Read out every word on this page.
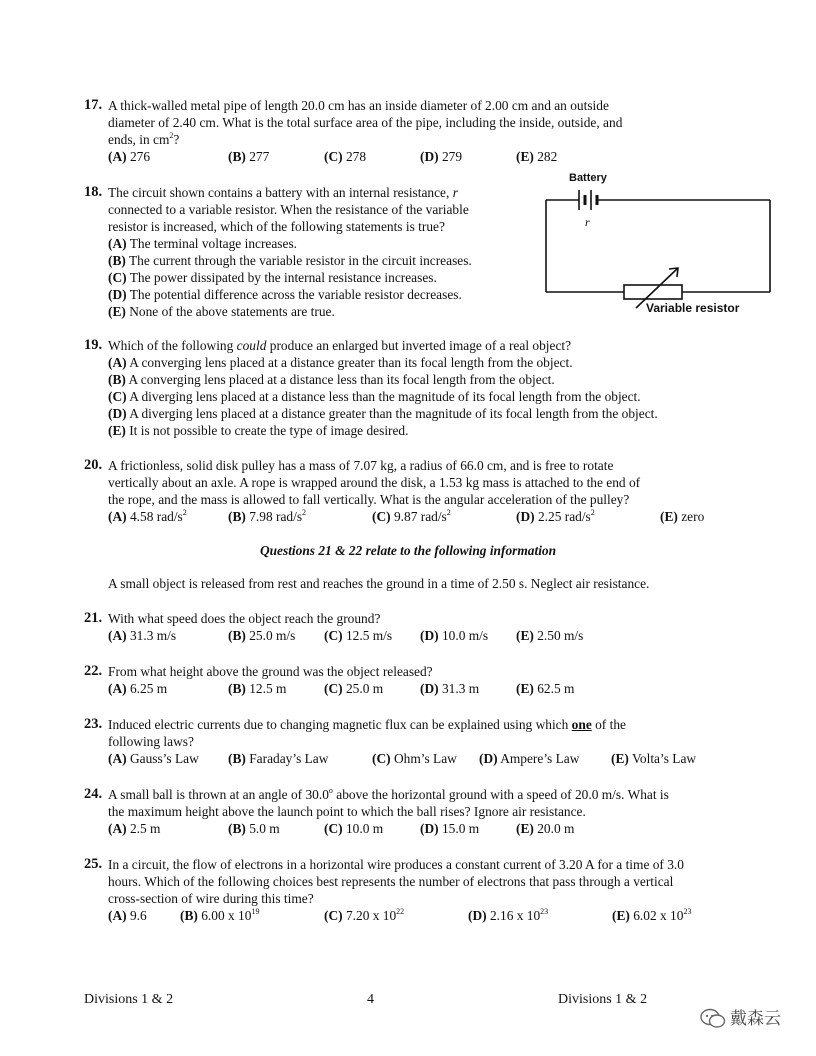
17. A thick-walled metal pipe of length 20.0 cm has an inside diameter of 2.00 cm and an outside
diameter of 2.40 cm. What is the total surface area of the pipe, including the inside, outside, and
ends, in $cm^2$?
(A) 276	(B) 277	(C) 278	(D) 279	(E) 282
18. The circuit shown contains a battery with an internal resistance, r
connected to a variable resistor. When the resistance of the variable
resistor is increased, which of the following statements is true?
(A) The terminal voltage increases.
(B) The current through the variable resistor in the circuit increases.
(C) The power dissipated by the internal resistance increases.
(D) The potential difference across the variable resistor decreases.
(E) None of the above statements are true.
Battery
r
Variable resistor
19. Which of the following could produce an enlarged but inverted image of a real object?
(A) A converging lens placed at a distance greater than its focal length from the object.
(B) A converging lens placed at a distance less than its focal length from the object.
(C) A diverging lens placed at a distance less than the magnitude of its focal length from the object.
(D) A diverging lens placed at a distance greater than the magnitude of its focal length from the object.
(E) It is not possible to create the type of image desired.
20. A frictionless, solid disk pulley has a mass of 7.07 kg, a radius of 66.0 cm, and is free to rotate
vertically about an axle. A rope is wrapped around the disk, a 1.53 kg mass is attached to the end of
the rope, and the mass is allowed to fall vertically. What is the angular acceleration of the pulley?
(A) 4.58 rad/$s^2$	(B) 7.98 rad/$s^2$	(C) 9.87 rad/$s^2$	(D) 2.25 rad/$s^2$	(E) zero
Questions 21 & 22 relate to the following information
A small object is released from rest and reaches the ground in a time of 2.50 s. Neglect air resistance.
21. With what speed does the object reach the ground?
(A) 31.3 m/s	(B) 25.0 m/s (C) 12.5 m/s (D) 10.0 m/s (E) 2.50 m/s
22. From what height above the ground was the object released?
(A) 6.25 m	(B) 12.5 m	(C) 25.0 m	(D) 31.3 m	(E) 62.5 m
23. Induced electric currents due to changing magnetic flux can be explained using which one of the
following laws?
(A) Gauss’s Law (B) Faraday’s Law	(C) Ohm’s Law (D) Ampere’s Law (E) Volta’s Law
24. A small ball is thrown at an angle of 30.0$^o$ above the horizontal ground with a speed of 20.0 m/s. What is
the maximum height above the launch point to which the ball rises? Ignore air resistance.
(A) 2.5 m	(B) 5.0 m	(C) 10.0 m	(D) 15.0 m	(E) 20.0 m
25. In a circuit, the flow of electrons in a horizontal wire produces a constant current of 3.20 A for a time of 3.0
hours. Which of the following choices best represents the number of electrons that pass through a vertical
cross-section of wire during this time?
(A) 9.6 (B) 6.00 x $10^{19}$	(C) 7.20 x $10^{22}$	(D) 2.16 x $10^{23}$	(E) 6.02 x $10^{23}$
Divisions 1 & 2	4	Divisions 1 & 2
戴森云
